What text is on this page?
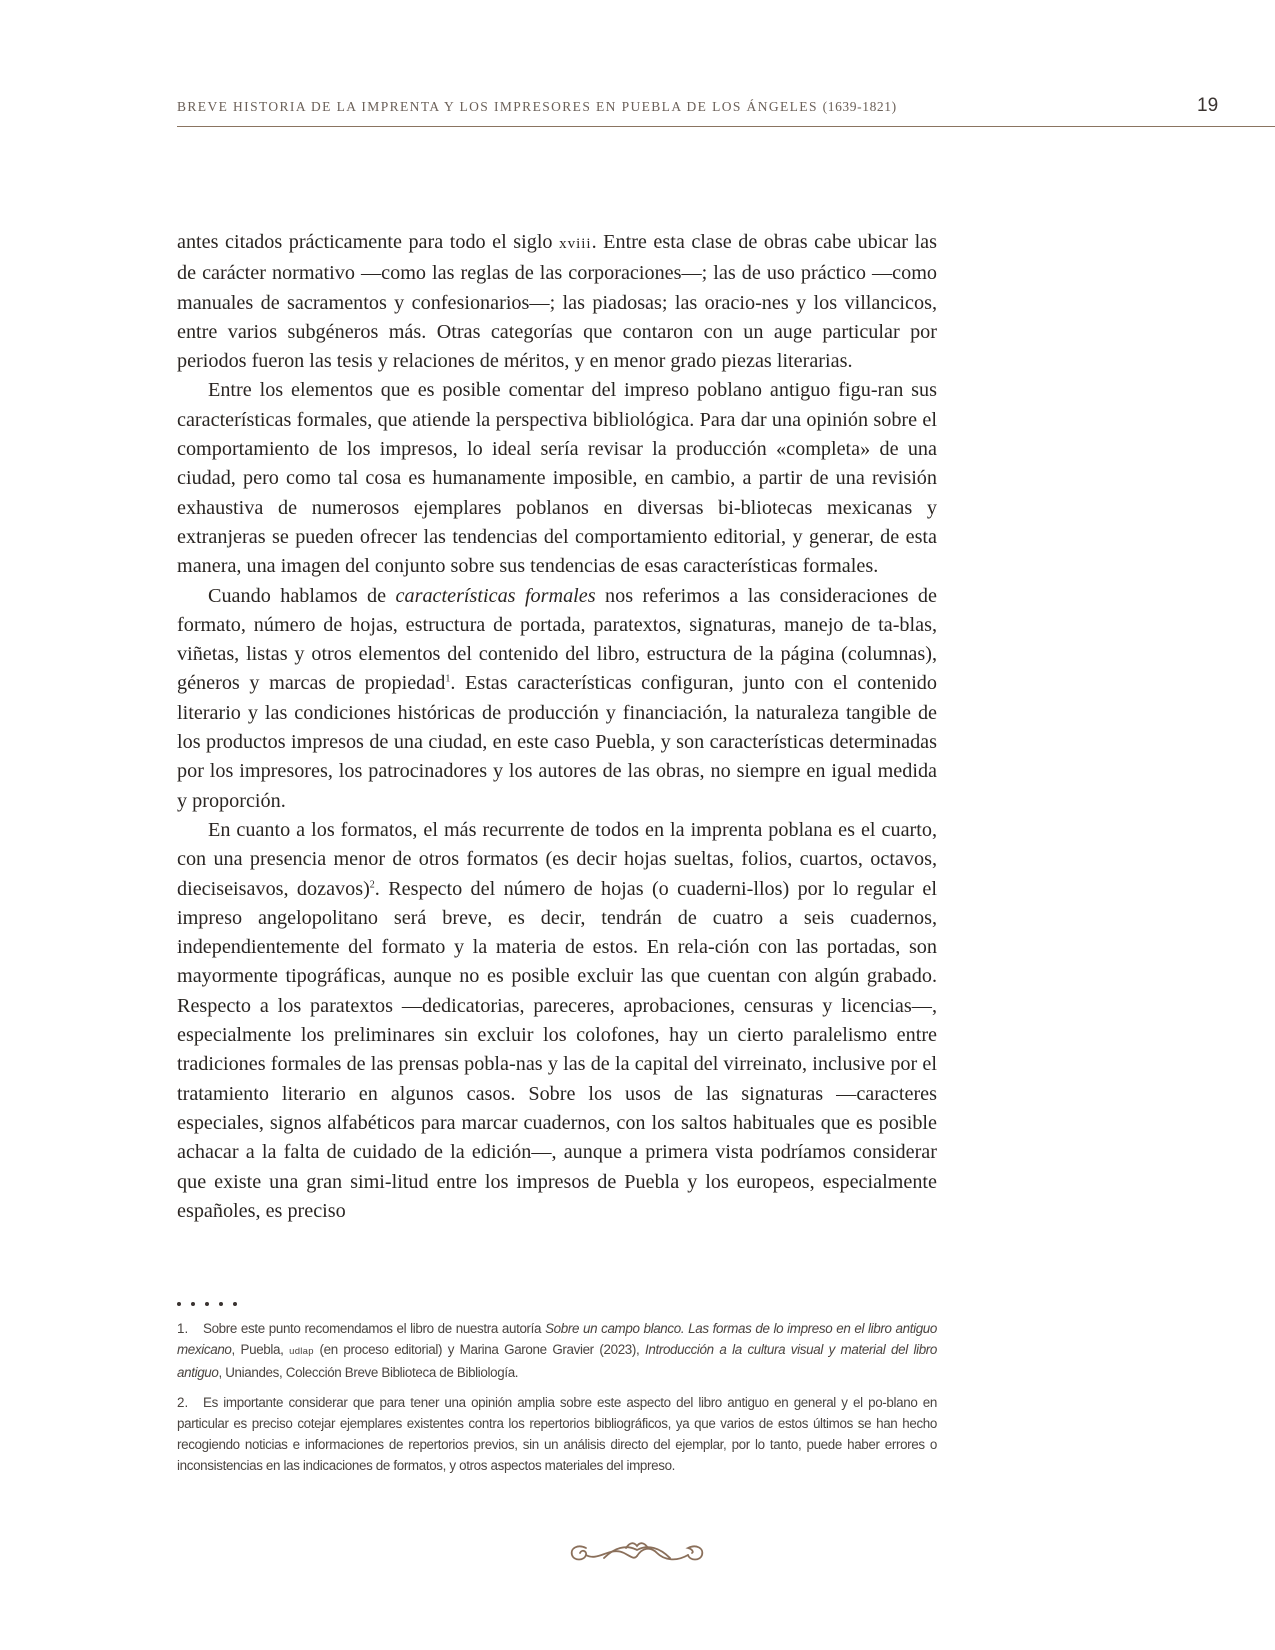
BREVE HISTORIA DE LA IMPRENTA Y LOS IMPRESORES EN PUEBLA DE LOS ÁNGELES (1639-1821)	19

antes citados prácticamente para todo el siglo xviii. Entre esta clase de obras cabe ubicar las de carácter normativo —como las reglas de las corporaciones—; las de uso práctico —como manuales de sacramentos y confesionarios—; las piadosas; las oracio-nes y los villancicos, entre varios subgéneros más. Otras categorías que contaron con un auge particular por periodos fueron las tesis y relaciones de méritos, y en menor grado piezas literarias.

Entre los elementos que es posible comentar del impreso poblano antiguo figu-ran sus características formales, que atiende la perspectiva bibliológica. Para dar una opinión sobre el comportamiento de los impresos, lo ideal sería revisar la producción «completa» de una ciudad, pero como tal cosa es humanamente imposible, en cambio, a partir de una revisión exhaustiva de numerosos ejemplares poblanos en diversas bi-bliotecas mexicanas y extranjeras se pueden ofrecer las tendencias del comportamiento editorial, y generar, de esta manera, una imagen del conjunto sobre sus tendencias de esas características formales.

Cuando hablamos de características formales nos referimos a las consideraciones de formato, número de hojas, estructura de portada, paratextos, signaturas, manejo de ta-blas, viñetas, listas y otros elementos del contenido del libro, estructura de la página (columnas), géneros y marcas de propiedad$^1$. Estas características configuran, junto con el contenido literario y las condiciones históricas de producción y financiación, la naturaleza tangible de los productos impresos de una ciudad, en este caso Puebla, y son características determinadas por los impresores, los patrocinadores y los autores de las obras, no siempre en igual medida y proporción.

En cuanto a los formatos, el más recurrente de todos en la imprenta poblana es el cuarto, con una presencia menor de otros formatos (es decir hojas sueltas, folios, cuartos, octavos, dieciseisavos, dozavos)$^2$. Respecto del número de hojas (o cuaderni-llos) por lo regular el impreso angelopolitano será breve, es decir, tendrán de cuatro a seis cuadernos, independientemente del formato y la materia de estos. En rela-ción con las portadas, son mayormente tipográficas, aunque no es posible excluir las que cuentan con algún grabado. Respecto a los paratextos —dedicatorias, pareceres, aprobaciones, censuras y licencias—, especialmente los preliminares sin excluir los colofones, hay un cierto paralelismo entre tradiciones formales de las prensas pobla-nas y las de la capital del virreinato, inclusive por el tratamiento literario en algunos casos. Sobre los usos de las signaturas —caracteres especiales, signos alfabéticos para marcar cuadernos, con los saltos habituales que es posible achacar a la falta de cuidado de la edición—, aunque a primera vista podríamos considerar que existe una gran simi-litud entre los impresos de Puebla y los europeos, especialmente españoles, es preciso

1. Sobre este punto recomendamos el libro de nuestra autoría Sobre un campo blanco. Las formas de lo impreso en el libro antiguo mexicano, Puebla, udlap (en proceso editorial) y Marina Garone Gravier (2023), Introducción a la cultura visual y material del libro antiguo, Uniandes, Colección Breve Biblioteca de Bibliología.

2. Es importante considerar que para tener una opinión amplia sobre este aspecto del libro antiguo en general y el po-blano en particular es preciso cotejar ejemplares existentes contra los repertorios bibliográficos, ya que varios de estos últimos se han hecho recogiendo noticias e informaciones de repertorios previos, sin un análisis directo del ejemplar, por lo tanto, puede haber errores o inconsistencias en las indicaciones de formatos, y otros aspectos materiales del impreso.
